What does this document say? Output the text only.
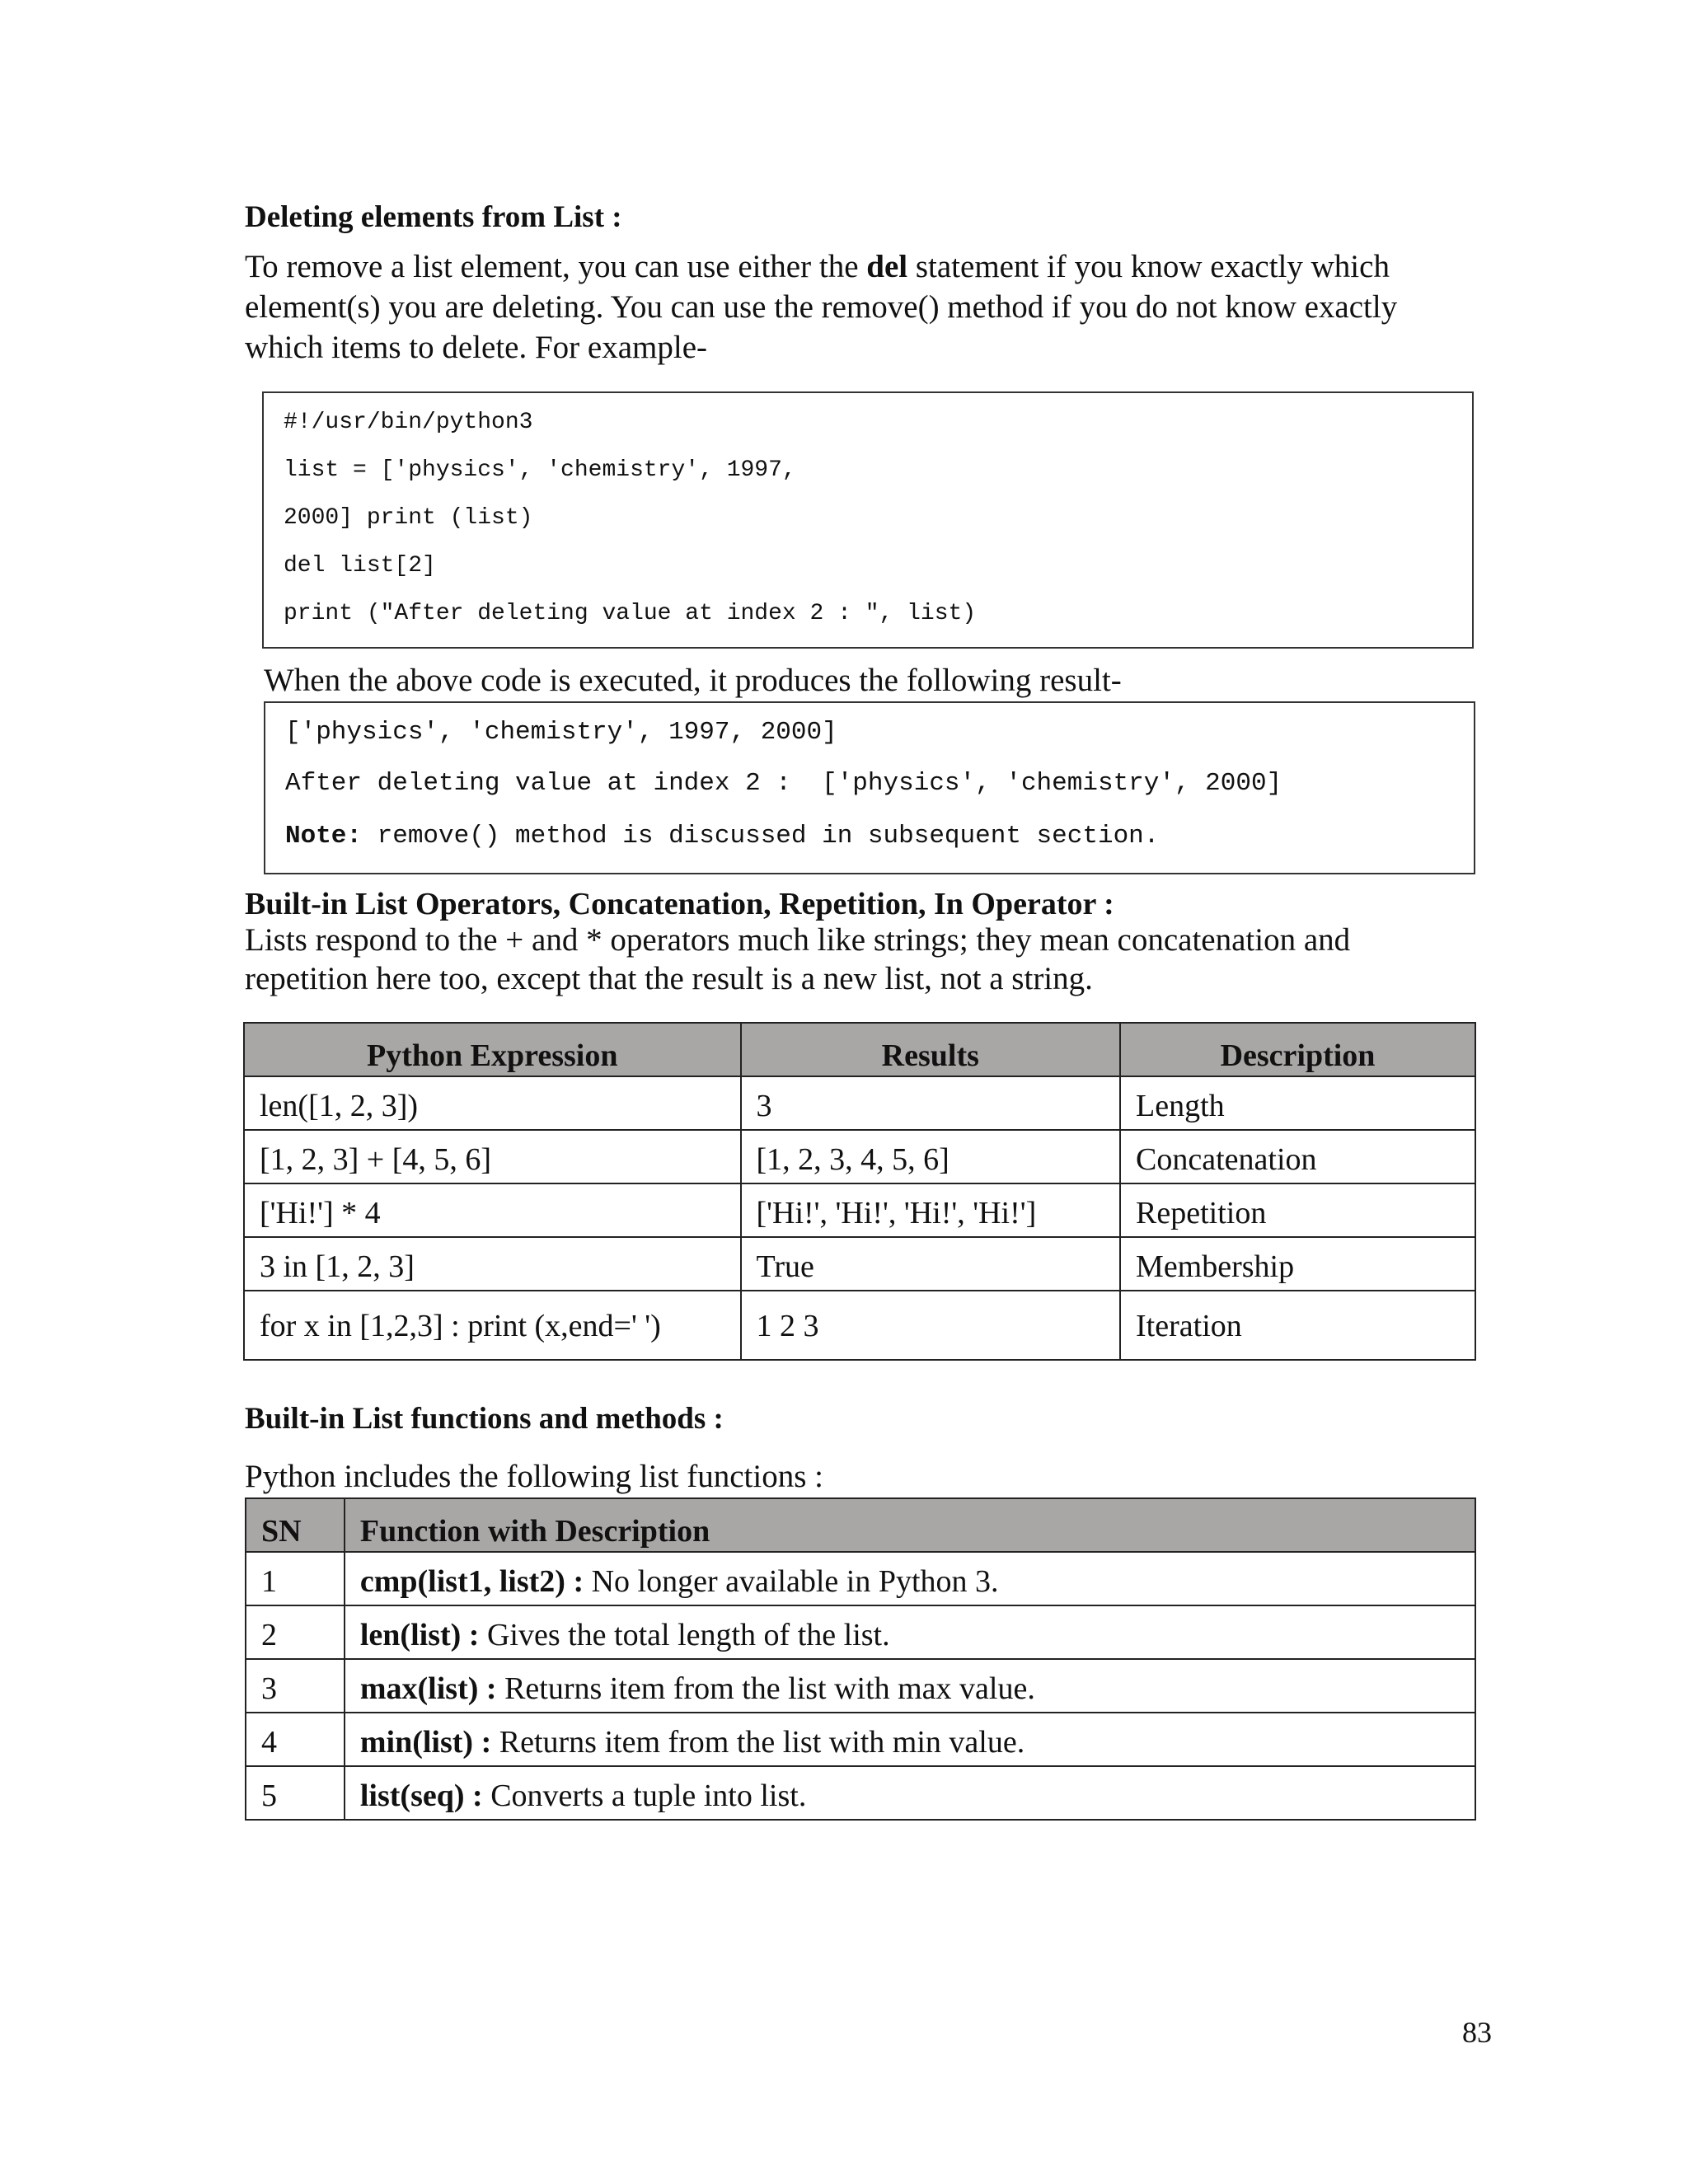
Deleting elements from List :
To remove a list element, you can use either the del statement if you know exactly which
element(s) you are deleting. You can use the remove() method if you do not know exactly
which items to delete. For example-
#!/usr/bin/python3
list = ['physics', 'chemistry', 1997,
2000] print (list)
del list[2]
print ("After deleting value at index 2 : ", list)
When the above code is executed, it produces the following result-
['physics', 'chemistry', 1997, 2000]
After deleting value at index 2 :  ['physics', 'chemistry', 2000]
Note: remove() method is discussed in subsequent section.
Built-in List Operators, Concatenation, Repetition, In Operator :
Lists respond to the + and * operators much like strings; they mean concatenation and
repetition here too, except that the result is a new list, not a string.
Python Expression	Results	Description
len([1, 2, 3])	3	Length
[1, 2, 3] + [4, 5, 6]	[1, 2, 3, 4, 5, 6]	Concatenation
['Hi!'] * 4	['Hi!', 'Hi!', 'Hi!', 'Hi!']	Repetition
3 in [1, 2, 3]	True	Membership
for x in [1,2,3] : print (x,end=' ')	1 2 3	Iteration
Built-in List functions and methods :
Python includes the following list functions :
SN	Function with Description
1	cmp(list1, list2) : No longer available in Python 3.
2	len(list) : Gives the total length of the list.
3	max(list) : Returns item from the list with max value.
4	min(list) : Returns item from the list with min value.
5	list(seq) : Converts a tuple into list.
83
